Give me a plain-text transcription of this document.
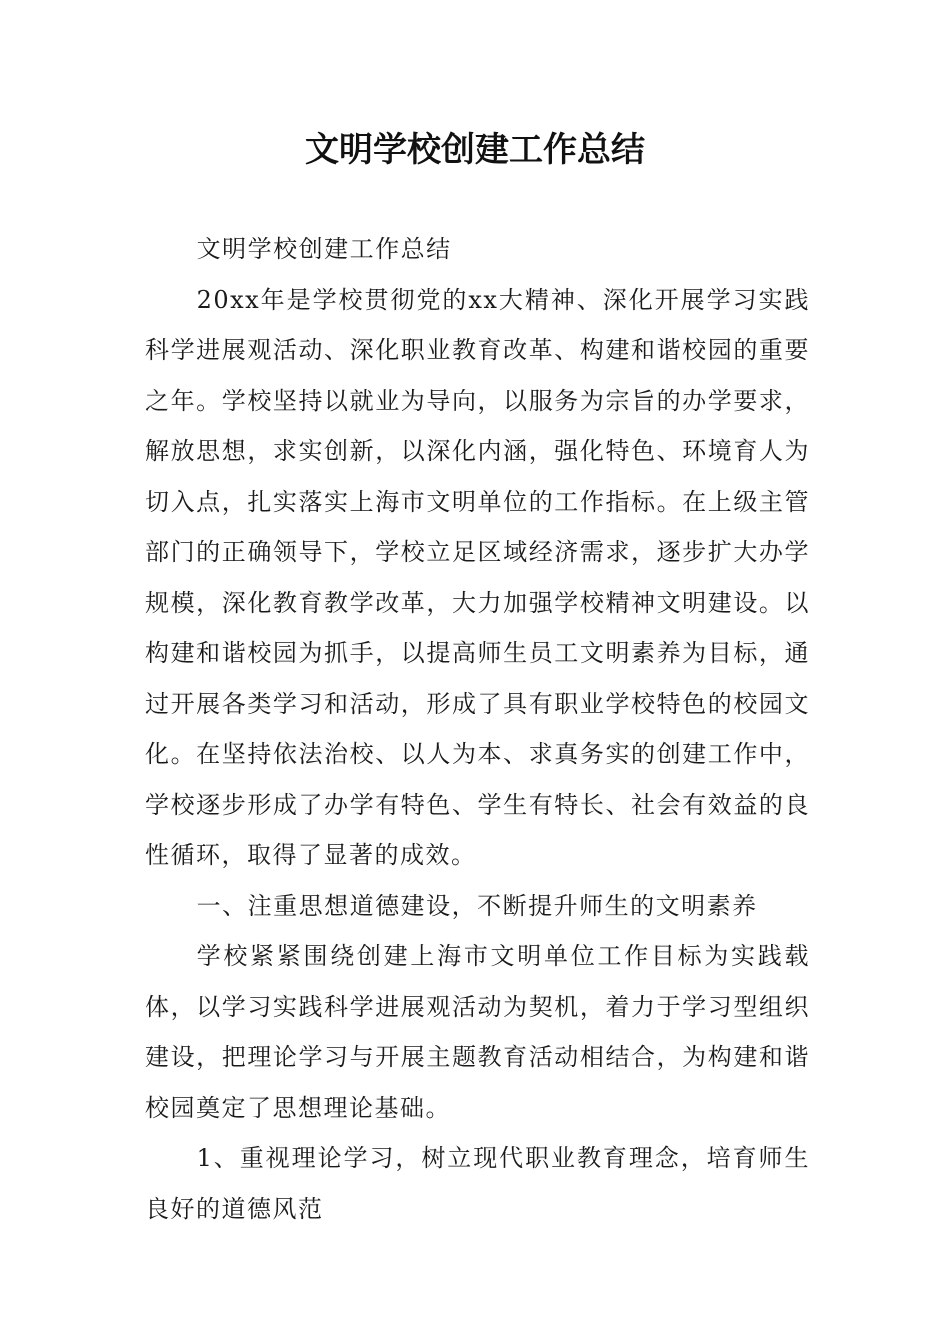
文明学校创建工作总结

文明学校创建工作总结

20xx年是学校贯彻党的xx大精神、深化开展学习实践科学进展观活动、深化职业教育改革、构建和谐校园的重要之年。学校坚持以就业为导向，以服务为宗旨的办学要求，解放思想，求实创新，以深化内涵，强化特色、环境育人为切入点，扎实落实上海市文明单位的工作指标。在上级主管部门的正确领导下，学校立足区域经济需求，逐步扩大办学规模，深化教育教学改革，大力加强学校精神文明建设。以构建和谐校园为抓手，以提高师生员工文明素养为目标，通过开展各类学习和活动，形成了具有职业学校特色的校园文化。在坚持依法治校、以人为本、求真务实的创建工作中，学校逐步形成了办学有特色、学生有特长、社会有效益的良性循环，取得了显著的成效。

一、注重思想道德建设，不断提升师生的文明素养

学校紧紧围绕创建上海市文明单位工作目标为实践载体，以学习实践科学进展观活动为契机，着力于学习型组织建设，把理论学习与开展主题教育活动相结合，为构建和谐校园奠定了思想理论基础。

1、重视理论学习，树立现代职业教育理念，培育师生良好的道德风范
